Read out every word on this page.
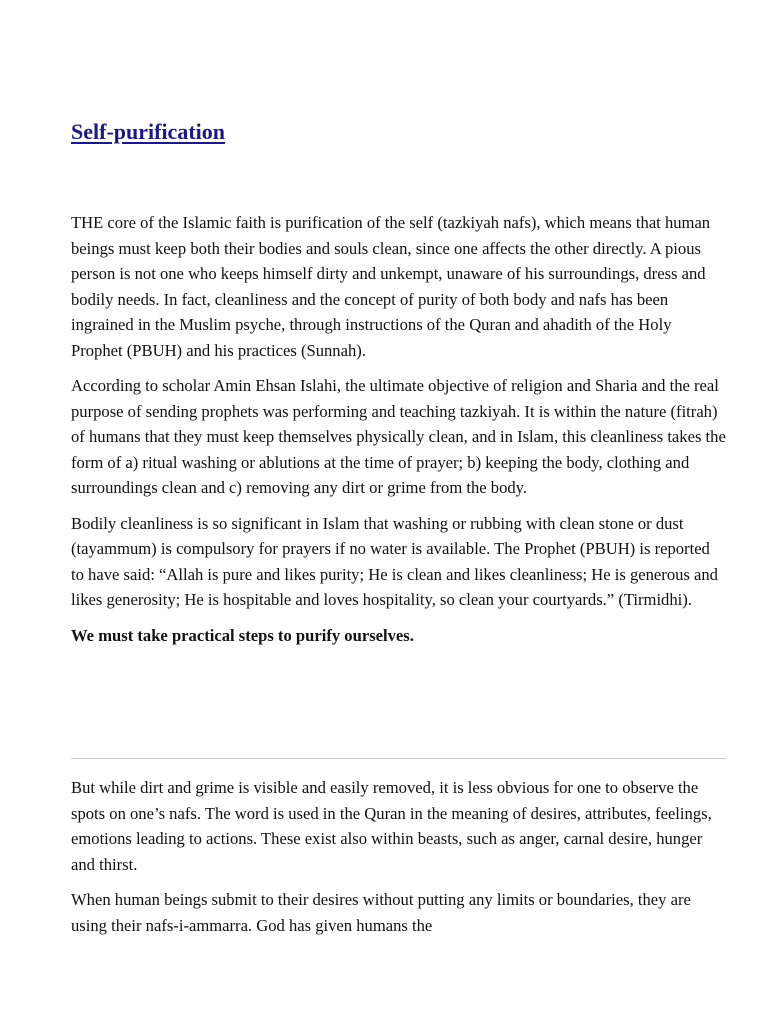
Self-purification

THE core of the Islamic faith is purification of the self (tazkiyah nafs), which means that human beings must keep both their bodies and souls clean, since one affects the other directly. A pious person is not one who keeps himself dirty and unkempt, unaware of his surroundings, dress and bodily needs. In fact, cleanliness and the concept of purity of both body and nafs has been ingrained in the Muslim psyche, through instructions of the Quran and ahadith of the Holy Prophet (PBUH) and his practices (Sunnah).

According to scholar Amin Ehsan Islahi, the ultimate objective of religion and Sharia and the real purpose of sending prophets was performing and teaching tazkiyah. It is within the nature (fitrah) of humans that they must keep themselves physically clean, and in Islam, this cleanliness takes the form of a) ritual washing or ablutions at the time of prayer; b) keeping the body, clothing and surroundings clean and c) removing any dirt or grime from the body.

Bodily cleanliness is so significant in Islam that washing or rubbing with clean stone or dust (tayammum) is compulsory for prayers if no water is available. The Prophet (PBUH) is reported to have said: “Allah is pure and likes purity; He is clean and likes cleanliness; He is generous and likes generosity; He is hospitable and loves hospitality, so clean your courtyards.” (Tirmidhi).

We must take practical steps to purify ourselves.

But while dirt and grime is visible and easily removed, it is less obvious for one to observe the spots on one’s nafs. The word is used in the Quran in the meaning of desires, attributes, feelings, emotions leading to actions. These exist also within beasts, such as anger, carnal desire, hunger and thirst.

When human beings submit to their desires without putting any limits or boundaries, they are using their nafs-i-ammarra. God has given humans the
